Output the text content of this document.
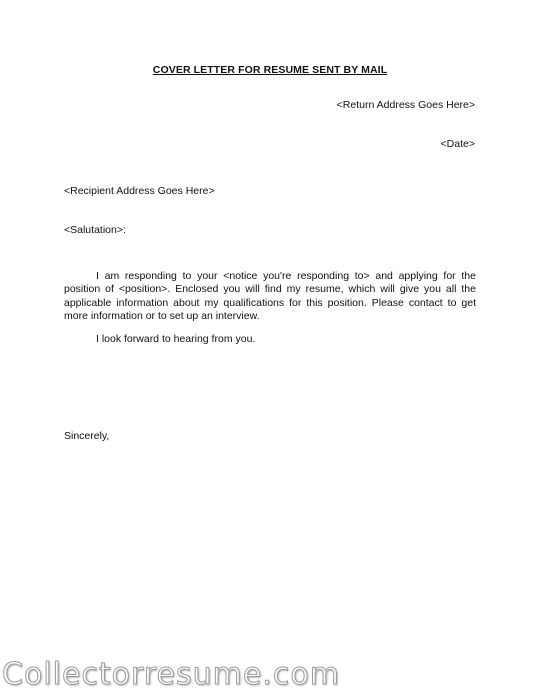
COVER LETTER FOR RESUME SENT BY MAIL
<Return Address Goes Here>
<Date>
<Recipient Address Goes Here>
<Salutation>:
I am responding to your <notice you're responding to> and applying for the position of <position>. Enclosed you will find my resume, which will give you all the applicable information about my qualifications for this position. Please contact to get more information or to set up an interview.
I look forward to hearing from you.
Sincerely,
Collectorresume.com
